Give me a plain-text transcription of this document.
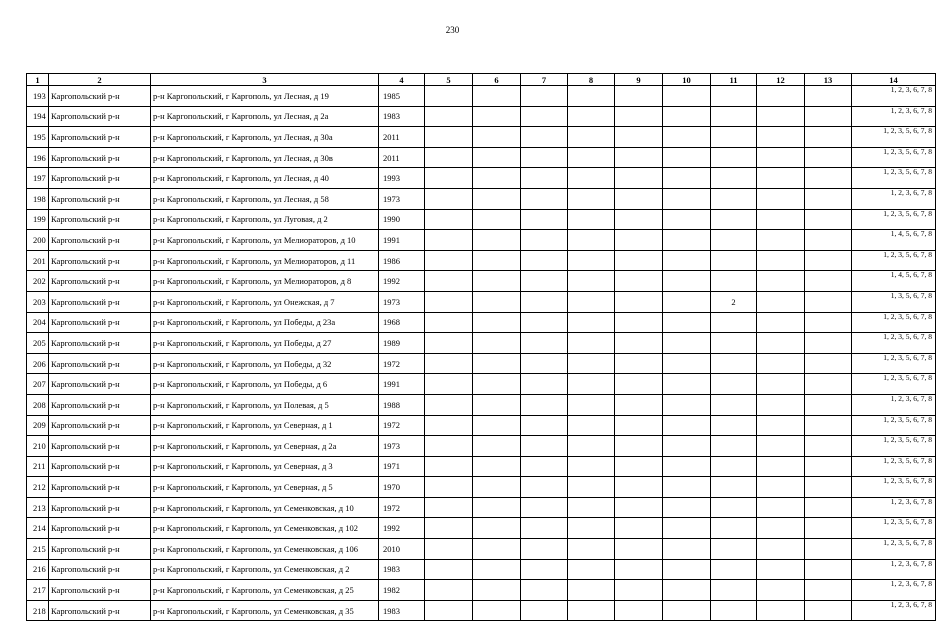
230
1	2	3	4	5	6	7	8	9	10	11	12	13	14
193	Каргопольский р-н	р-н Каргопольский, г Каргополь, ул Лесная, д 19	1985										1, 2, 3, 6, 7, 8
194	Каргопольский р-н	р-н Каргопольский, г Каргополь, ул Лесная, д 2а	1983										1, 2, 3, 6, 7, 8
195	Каргопольский р-н	р-н Каргопольский, г Каргополь, ул Лесная, д 30а	2011										1, 2, 3, 5, 6, 7, 8
196	Каргопольский р-н	р-н Каргопольский, г Каргополь, ул Лесная, д 30в	2011										1, 2, 3, 5, 6, 7, 8
197	Каргопольский р-н	р-н Каргопольский, г Каргополь, ул Лесная, д 40	1993										1, 2, 3, 5, 6, 7, 8
198	Каргопольский р-н	р-н Каргопольский, г Каргополь, ул Лесная, д 58	1973										1, 2, 3, 6, 7, 8
199	Каргопольский р-н	р-н Каргопольский, г Каргополь, ул Луговая, д 2	1990										1, 2, 3, 5, 6, 7, 8
200	Каргопольский р-н	р-н Каргопольский, г Каргополь, ул Мелиораторов, д 10	1991										1, 4, 5, 6, 7, 8
201	Каргопольский р-н	р-н Каргопольский, г Каргополь, ул Мелиораторов, д 11	1986										1, 2, 3, 5, 6, 7, 8
202	Каргопольский р-н	р-н Каргопольский, г Каргополь, ул Мелиораторов, д 8	1992										1, 4, 5, 6, 7, 8
203	Каргопольский р-н	р-н Каргопольский, г Каргополь, ул Онежская, д 7	1973							2			1, 3, 5, 6, 7, 8
204	Каргопольский р-н	р-н Каргопольский, г Каргополь, ул Победы, д 23а	1968										1, 2, 3, 5, 6, 7, 8
205	Каргопольский р-н	р-н Каргопольский, г Каргополь, ул Победы, д 27	1989										1, 2, 3, 5, 6, 7, 8
206	Каргопольский р-н	р-н Каргопольский, г Каргополь, ул Победы, д 32	1972										1, 2, 3, 5, 6, 7, 8
207	Каргопольский р-н	р-н Каргопольский, г Каргополь, ул Победы, д 6	1991										1, 2, 3, 5, 6, 7, 8
208	Каргопольский р-н	р-н Каргопольский, г Каргополь, ул Полевая, д 5	1988										1, 2, 3, 6, 7, 8
209	Каргопольский р-н	р-н Каргопольский, г Каргополь, ул Северная, д 1	1972										1, 2, 3, 5, 6, 7, 8
210	Каргопольский р-н	р-н Каргопольский, г Каргополь, ул Северная, д 2а	1973										1, 2, 3, 5, 6, 7, 8
211	Каргопольский р-н	р-н Каргопольский, г Каргополь, ул Северная, д 3	1971										1, 2, 3, 5, 6, 7, 8
212	Каргопольский р-н	р-н Каргопольский, г Каргополь, ул Северная, д 5	1970										1, 2, 3, 5, 6, 7, 8
213	Каргопольский р-н	р-н Каргопольский, г Каргополь, ул Семенковская, д 10	1972										1, 2, 3, 6, 7, 8
214	Каргопольский р-н	р-н Каргопольский, г Каргополь, ул Семенковская, д 102	1992										1, 2, 3, 5, 6, 7, 8
215	Каргопольский р-н	р-н Каргопольский, г Каргополь, ул Семенковская, д 106	2010										1, 2, 3, 5, 6, 7, 8
216	Каргопольский р-н	р-н Каргопольский, г Каргополь, ул Семенковская, д 2	1983										1, 2, 3, 6, 7, 8
217	Каргопольский р-н	р-н Каргопольский, г Каргополь, ул Семенковская, д 25	1982										1, 2, 3, 6, 7, 8
218	Каргопольский р-н	р-н Каргопольский, г Каргополь, ул Семенковская, д 35	1983										1, 2, 3, 6, 7, 8
